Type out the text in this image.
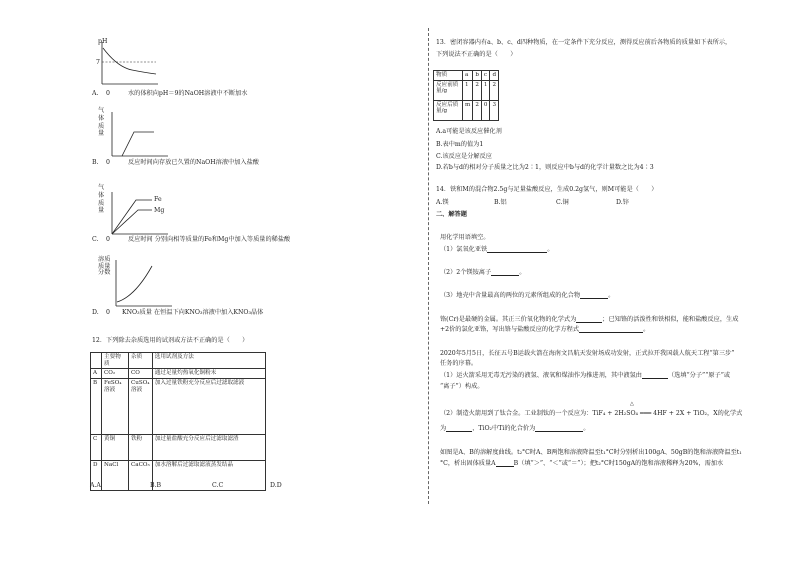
pH
7
A. 0	水的体积向pH＝9的NaOH溶液中不断加水
气
体
质
量
B. 0	反应时间向存放已久置的NaOH溶液中加入盐酸
气
体
质
量
Fe
Mg
C. 0	反应时间 分别向相等质量的Fe和Mg中加入等质量的稀盐酸
溶质
质量
分数
D. 0 KNO₃质量 在恒温下向KNO₃溶液中加入KNO₃晶体
12．下列除去杂质选用的试剂或方法不正确的是（　　）
	主要物质	杂质	选用试剂及方法
A	CO₂	CO	通过足量灼热氧化铜粉末
B	FeSO₄溶液	CuSO₄溶液	加入过量铁粉充分反应后过滤取滤液
C	黄铜	铁粉	加过量盐酸充分反应后过滤取滤渣
D	NaCl	CaCO₃	加水溶解后过滤取滤液蒸发结晶
A.A	B.B	C.C	D.D
13．密闭容器内有a、b、c、d四种物质，在一定条件下充分反应，测得反应前后各物质的质量如下表所示，
下列说法不正确的是（　　）
物质	a	b	c	d
反应前质量/g	1	2	1	2
反应后质量/g	m	2	0	3
A.a可能是该反应催化剂
B.表中m的值为1
C.该反应是分解反应
D.若b与d的相对分子质量之比为2∶1，则反应中b与d的化学计量数之比为4∶3
14．铁和M的混合物2.5g与足量盐酸反应，生成0.2g氢气，则M可能是（　　）
A.镁	B.铝	C.铜	D.锌
二、解答题
用化学用语填空。
（1）氯氧化亚铁	。
（2）2个镁铵离子	。
（3）地壳中含量最高的两位的元素所组成的化合物	。
铬(Cr)是最硬的金属。其正三价氧化物的化学式为	；已知铬的活泼性和铁相似，能和盐酸反应，生成
+2价的氯化亚铬，写出铬与盐酸反应的化学方程式	。
2020年5月5日，长征五号B运载火箭在海南文昌航天发射场成功发射，正式拉开我国载人航天工程“第三步”
任务的序幕。
（1）运火箭采用无毒无污染的液氢、液氧和煤油作为推进剂，其中液氢由	（选填“分子”“原子”或
“离子”）构成。
△
（2）制造火箭用到了钛合金。工业制钛的一个反应为：TiF₄ + 2H₂SO₄ ═══ 4HF + 2X + TiO₂，X的化学式
为	，TiO₂中Ti的化合价为	。
如图是A、B的溶解度曲线。t₂°C时A、B两饱和溶液降温至t₁°C时分别析出100gA、50gB的饱和溶液降温至t₁
°C，析出固体质量A	B（填“＞”、“＜”或“＝”）；把t₂°C时150gA的饱和溶液稀释为20%，需加水
